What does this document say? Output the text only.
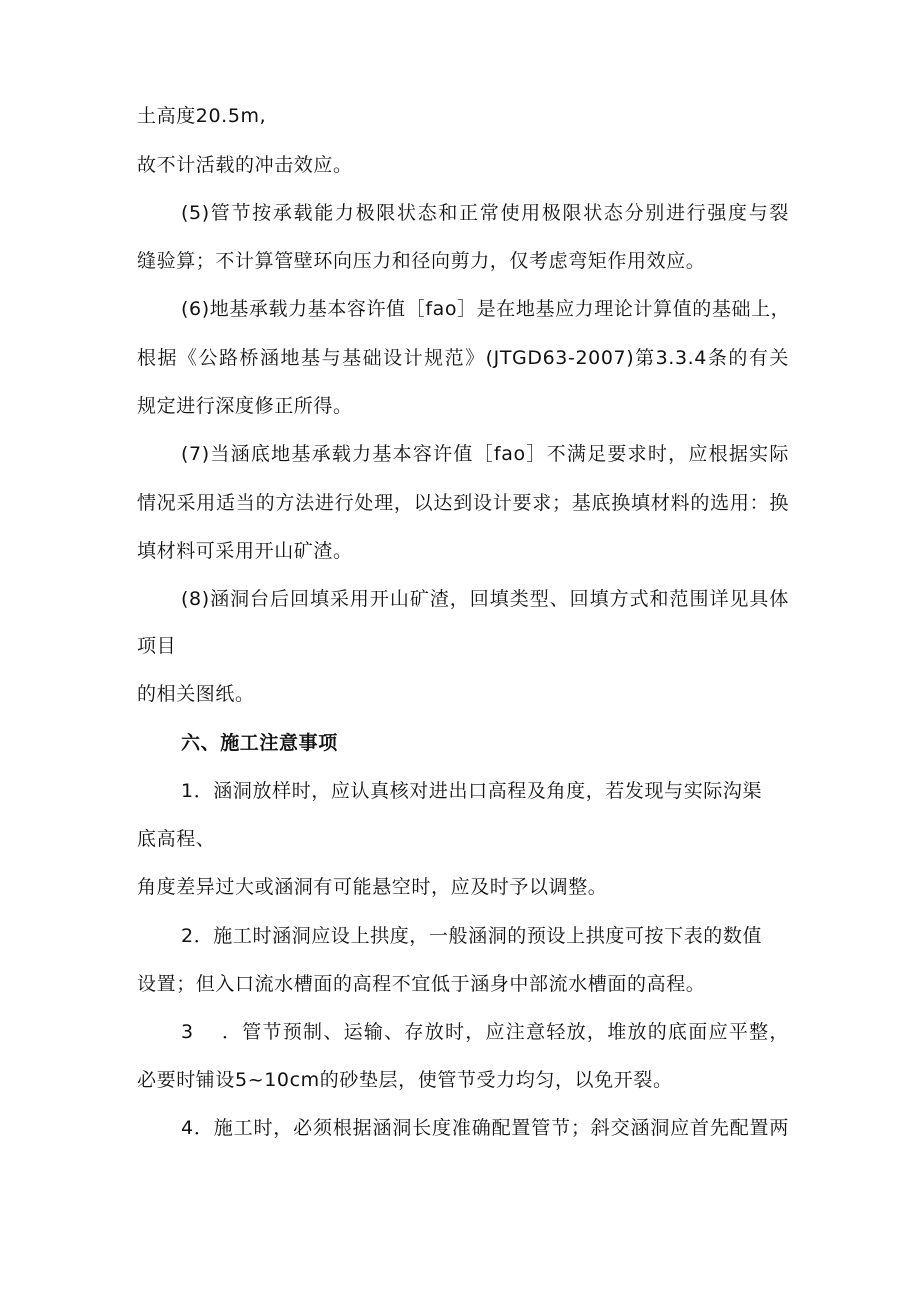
土高度20.5m,
故不计活载的冲击效应。
(5)管节按承载能力极限状态和正常使用极限状态分别进行强度与裂
缝验算；不计算管壁环向压力和径向剪力，仅考虑弯矩作用效应。
(6)地基承载力基本容许值［fao］是在地基应力理论计算值的基础上，
根据《公路桥涵地基与基础设计规范》(JTGD63-2007)第3.3.4条的有关
规定进行深度修正所得。
(7)当涵底地基承载力基本容许值［fao］不满足要求时，应根据实际
情况采用适当的方法进行处理，以达到设计要求；基底换填材料的选用：换
填材料可采用开山矿渣。
(8)涵洞台后回填采用开山矿渣，回填类型、回填方式和范围详见具体
项目
的相关图纸。
六、施工注意事项
1．涵洞放样时，应认真核对进出口高程及角度，若发现与实际沟渠
底高程、
角度差异过大或涵洞有可能悬空时，应及时予以调整。
2．施工时涵洞应设上拱度，一般涵洞的预设上拱度可按下表的数值
设置；但入口流水槽面的高程不宜低于涵身中部流水槽面的高程。
3　 ．管节预制、运输、存放时，应注意轻放，堆放的底面应平整，
必要时铺设5~10cm的砂垫层，使管节受力均匀，以免开裂。
4．施工时，必须根据涵洞长度准确配置管节；斜交涵洞应首先配置两
